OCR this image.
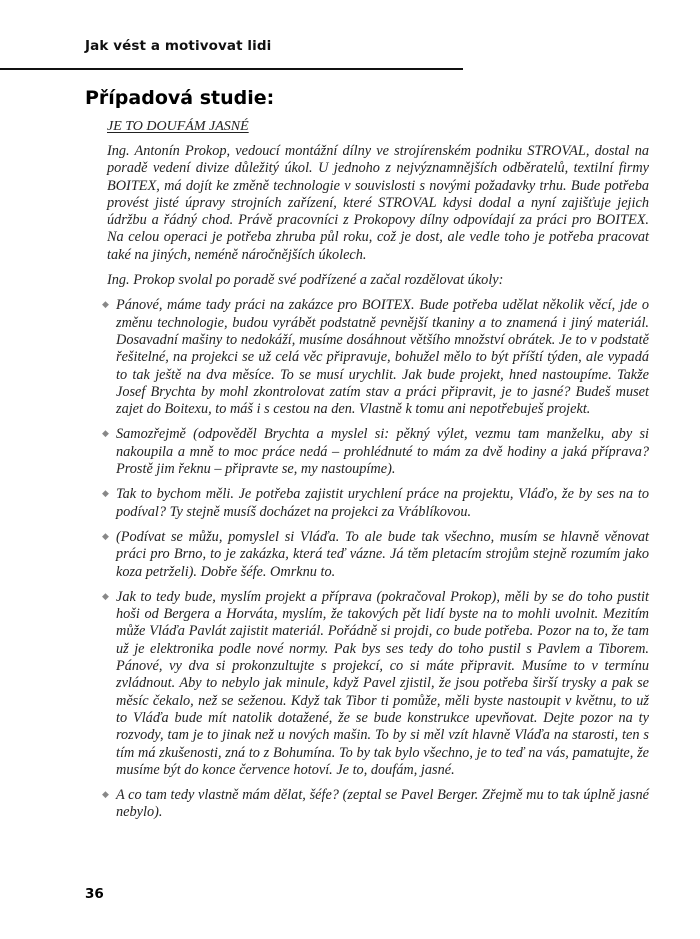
Jak vést a motivovat lidi
Případová studie:
JE TO DOUFÁM JASNÉ

Ing. Antonín Prokop, vedoucí montážní dílny ve strojírenském podniku STROVAL, dostal na poradě vedení divize důležitý úkol. U jednoho z nejvýznamnějších odběratelů, textilní firmy BOITEX, má dojít ke změně technologie v souvislosti s novými požadavky trhu. Bude potřeba provést jisté úpravy strojních zařízení, které STROVAL kdysi dodal a nyní zajišťuje jejich údržbu a řádný chod. Právě pracovníci z Prokopovy dílny odpovídají za práci pro BOITEX. Na celou operaci je potřeba zhruba půl roku, což je dost, ale vedle toho je potřeba pracovat také na jiných, neméně náročnějších úkolech.

Ing. Prokop svolal po poradě své podřízené a začal rozdělovat úkoly:

◆ Pánové, máme tady práci na zakázce pro BOITEX. Bude potřeba udělat několik věcí, jde o změnu technologie, budou vyrábět podstatně pevnější tkaniny a to znamená i jiný materiál. Dosavadní mašiny to nedokáží, musíme dosáhnout většího množství obrátek. Je to v podstatě řešitelné, na projekci se už celá věc připravuje, bohužel mělo to být příští týden, ale vypadá to tak ještě na dva měsíce. To se musí urychlit. Jak bude projekt, hned nastoupíme. Takže Josef Brychta by mohl zkontrolovat zatím stav a práci připravit, je to jasné? Budeš muset zajet do Boitexu, to máš i s cestou na den. Vlastně k tomu ani nepotřebuješ projekt.
◆ Samozřejmě (odpověděl Brychta a myslel si: pěkný výlet, vezmu tam manželku, aby si nakoupila a mně to moc práce nedá – prohlédnuté to mám za dvě hodiny a jaká příprava? Prostě jim řeknu – připravte se, my nastoupíme).
◆ Tak to bychom měli. Je potřeba zajistit urychlení práce na projektu, Vláďo, že by ses na to podíval? Ty stejně musíš docházet na projekci za Vráblíkovou.
◆ (Podívat se můžu, pomyslel si Vláďa. To ale bude tak všechno, musím se hlavně věnovat práci pro Brno, to je zakázka, která teď vázne. Já těm pletacím strojům stejně rozumím jako koza petrželi). Dobře šéfe. Omrknu to.
◆ Jak to tedy bude, myslím projekt a příprava (pokračoval Prokop), měli by se do toho pustit hoši od Bergera a Horváta, myslím, že takových pět lidí byste na to mohli uvolnit. Mezitím může Vláďa Pavlát zajistit materiál. Pořádně si projdi, co bude potřeba. Pozor na to, že tam už je elektronika podle nové normy. Pak bys ses tedy do toho pustil s Pavlem a Tiborem. Pánové, vy dva si prokonzultujte s projekcí, co si máte připravit. Musíme to v termínu zvládnout. Aby to nebylo jak minule, když Pavel zjistil, že jsou potřeba širší trysky a pak se měsíc čekalo, než se seženou. Když tak Tibor ti pomůže, měli byste nastoupit v květnu, to už to Vláďa bude mít natolik dotažené, že se bude konstrukce upevňovat. Dejte pozor na ty rozvody, tam je to jinak než u nových mašin. To by si měl vzít hlavně Vláďa na starosti, ten s tím má zkušenosti, zná to z Bohumína. To by tak bylo všechno, je to teď na vás, pamatujte, že musíme být do konce července hotoví. Je to, doufám, jasné.
◆ A co tam tedy vlastně mám dělat, šéfe? (zeptal se Pavel Berger. Zřejmě mu to tak úplně jasné nebylo).
36
